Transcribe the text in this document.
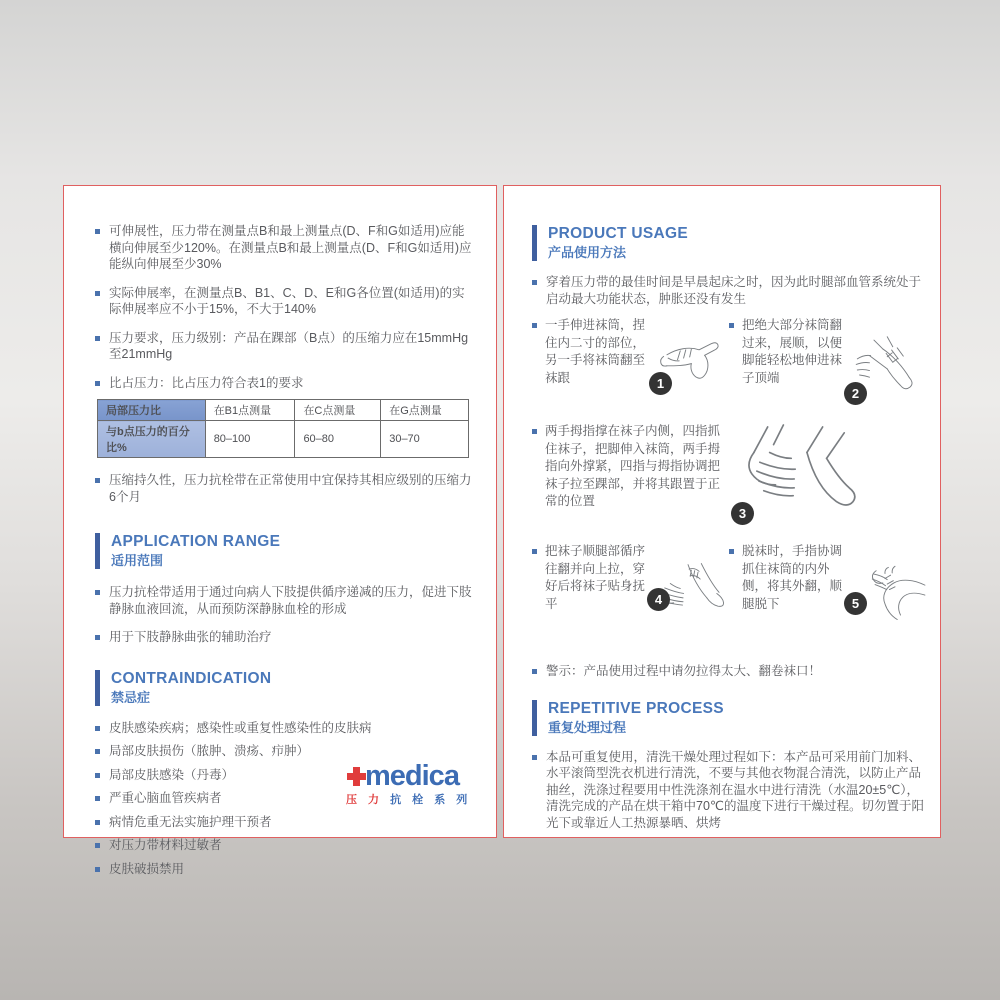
可伸展性，压力带在测量点B和最上测量点(D、F和G如适用)应能横向伸展至少120%。在测量点B和最上测量点(D、F和G如适用)应能纵向伸展至少30%
实际伸展率，在测量点B、B1、C、D、E和G各位置(如适用)的实际伸展率应不小于15%，不大于140%
压力要求，压力级别：产品在踝部（B点）的压缩力应在15mmHg至21mmHg
比占压力：比占压力符合表1的要求
局部压力比	在B1点测量	在C点测量	在G点测量
与b点压力的百分比%	80–100	60–80	30–70
压缩持久性，压力抗栓带在正常使用中宜保持其相应级别的压缩力6个月
APPLICATION RANGE
适用范围
压力抗栓带适用于通过向病人下肢提供循序递减的压力，促进下肢静脉血液回流，从而预防深静脉血栓的形成
用于下肢静脉曲张的辅助治疗
CONTRAINDICATION
禁忌症
皮肤感染疾病；感染性或重复性感染性的皮肤病
局部皮肤损伤（脓肿、溃疡、疖肿）
局部皮肤感染（丹毒）
严重心脑血管疾病者
病情危重无法实施护理干预者
对压力带材料过敏者
皮肤破损禁用
medica
压 力 抗 栓 系 列
PRODUCT USAGE
产品使用方法
穿着压力带的最佳时间是早晨起床之时，因为此时腿部血管系统处于启动最大功能状态，肿胀还没有发生
一手伸进袜筒，捏住内二寸的部位，另一手将袜筒翻至袜跟	1
把绝大部分袜筒翻过来，展顺，以便脚能轻松地伸进袜子顶端
2
两手拇指撑在袜子内侧，四指抓住袜子，把脚伸入袜筒，两手拇指向外撑紧，四指与拇指协调把袜子拉至踝部，并将其跟置于正常的位置
3
把袜子顺腿部循序往翻并向上拉，穿好后将袜子贴身抚平	4
脱袜时，手指协调抓住袜筒的内外侧，将其外翻，顺腿脱下	5
警示：产品使用过程中请勿拉得太大、翻卷袜口！
REPETITIVE PROCESS
重复处理过程
本品可重复使用，清洗干燥处理过程如下：本产品可采用前门加料、水平滚筒型洗衣机进行清洗，不要与其他衣物混合清洗，以防止产品抽丝，洗涤过程要用中性洗涤剂在温水中进行清洗（水温20±5℃），清洗完成的产品在烘干箱中70℃的温度下进行干燥过程。切勿置于阳光下或靠近人工热源暴晒、烘烤
